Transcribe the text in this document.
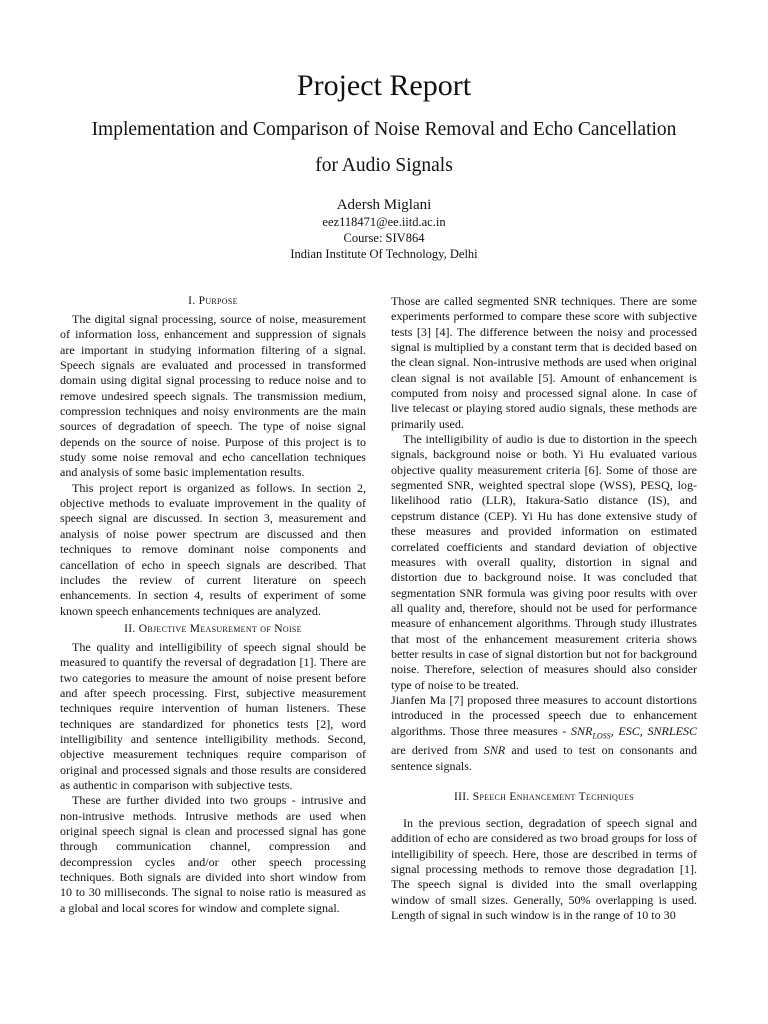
Project Report
Implementation and Comparison of Noise Removal and Echo Cancellation for Audio Signals
Adersh Miglani
eez118471@ee.iitd.ac.in
Course: SIV864
Indian Institute Of Technology, Delhi
I. Purpose

The digital signal processing, source of noise, measurement of information loss, enhancement and suppression of signals are important in studying information filtering of a signal. Speech signals are evaluated and processed in transformed domain using digital signal processing to reduce noise and to remove undesired speech signals. The transmission medium, compression techniques and noisy environments are the main sources of degradation of speech. The type of noise signal depends on the source of noise. Purpose of this project is to study some noise removal and echo cancellation techniques and analysis of some basic implementation results.

This project report is organized as follows. In section 2, objective methods to evaluate improvement in the quality of speech signal are discussed. In section 3, measurement and analysis of noise power spectrum are discussed and then techniques to remove dominant noise components and cancellation of echo in speech signals are described. That includes the review of current literature on speech enhancements. In section 4, results of experiment of some known speech enhancements techniques are analyzed.

II. Objective Measurement of Noise

The quality and intelligibility of speech signal should be measured to quantify the reversal of degradation [1]. There are two categories to measure the amount of noise present before and after speech processing. First, subjective measurement techniques require intervention of human listeners. These techniques are standardized for phonetics tests [2], word intelligibility and sentence intelligibility methods. Second, objective measurement techniques require comparison of original and processed signals and those results are considered as authentic in comparison with subjective tests.

These are further divided into two groups - intrusive and non-intrusive methods. Intrusive methods are used when original speech signal is clean and processed signal has gone through communication channel, compression and decompression cycles and/or other speech processing techniques. Both signals are divided into short window from 10 to 30 milliseconds. The signal to noise ratio is measured as a global and local scores for window and complete signal.

Those are called segmented SNR techniques. There are some experiments performed to compare these score with subjective tests [3] [4]. The difference between the noisy and processed signal is multiplied by a constant term that is decided based on the clean signal. Non-intrusive methods are used when original clean signal is not available [5]. Amount of enhancement is computed from noisy and processed signal alone. In case of live telecast or playing stored audio signals, these methods are primarily used.

The intelligibility of audio is due to distortion in the speech signals, background noise or both. Yi Hu evaluated various objective quality measurement criteria [6]. Some of those are segmented SNR, weighted spectral slope (WSS), PESQ, log-likelihood ratio (LLR), Itakura-Satio distance (IS), and cepstrum distance (CEP). Yi Hu has done extensive study of these measures and provided information on estimated correlated coefficients and standard deviation of objective measures with overall quality, distortion in signal and distortion due to background noise. It was concluded that segmentation SNR formula was giving poor results with over all quality and, therefore, should not be used for performance measure of enhancement algorithms. Through study illustrates that most of the enhancement measurement criteria shows better results in case of signal distortion but not for background noise. Therefore, selection of measures should also consider type of noise to be treated.

Jianfen Ma [7] proposed three measures to account distortions introduced in the processed speech due to enhancement algorithms. Those three measures - $SNR_{LOSS}$, ESC, SNRLESC are derived from SNR and used to test on consonants and sentence signals.

III. Speech Enhancement Techniques

In the previous section, degradation of speech signal and addition of echo are considered as two broad groups for loss of intelligibility of speech. Here, those are described in terms of signal processing methods to remove those degradation [1]. The speech signal is divided into the small overlapping window of small sizes. Generally, 50% overlapping is used. Length of signal in such window is in the range of 10 to 30
